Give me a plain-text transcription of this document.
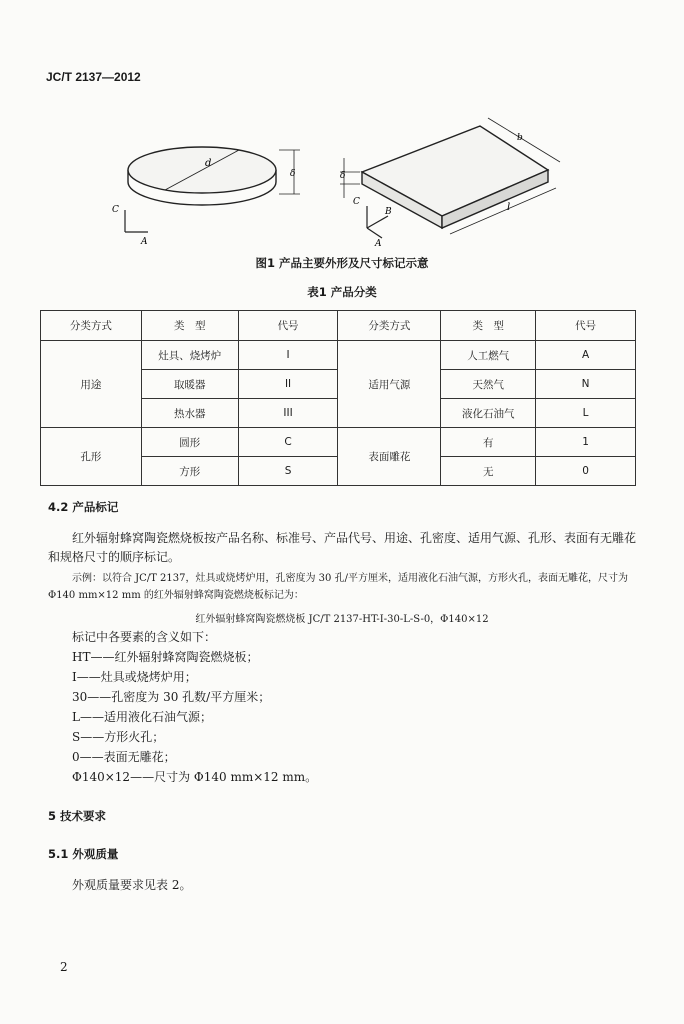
JC/T 2137—2012
d
δ
C
A
b
l
δ
C
B
A
图1 产品主要外形及尺寸标记示意
表1 产品分类
分类方式	类　型	代号	分类方式	类　型	代号
用途	灶具、烧烤炉	I	适用气源	人工燃气	A
	取暖器	II		天然气	N
	热水器	III		液化石油气	L
孔形	圆形	C	表面雕花	有	1
	方形	S		无	0
4.2 产品标记
红外辐射蜂窝陶瓷燃烧板按产品名称、标准号、产品代号、用途、孔密度、适用气源、孔形、表面有无雕花和规格尺寸的顺序标记。
示例：以符合 JC/T 2137，灶具或烧烤炉用，孔密度为 30 孔/平方厘米，适用液化石油气源，方形火孔，表面无雕花，尺寸为 Φ140 mm×12 mm 的红外辐射蜂窝陶瓷燃烧板标记为：
红外辐射蜂窝陶瓷燃烧板 JC/T 2137-HT-I-30-L-S-0，Φ140×12
标记中各要素的含义如下：
HT——红外辐射蜂窝陶瓷燃烧板；
I——灶具或烧烤炉用；
30——孔密度为 30 孔数/平方厘米；
L——适用液化石油气源；
S——方形火孔；
0——表面无雕花；
Φ140×12——尺寸为 Φ140 mm×12 mm。
5 技术要求
5.1 外观质量
外观质量要求见表 2。
2
